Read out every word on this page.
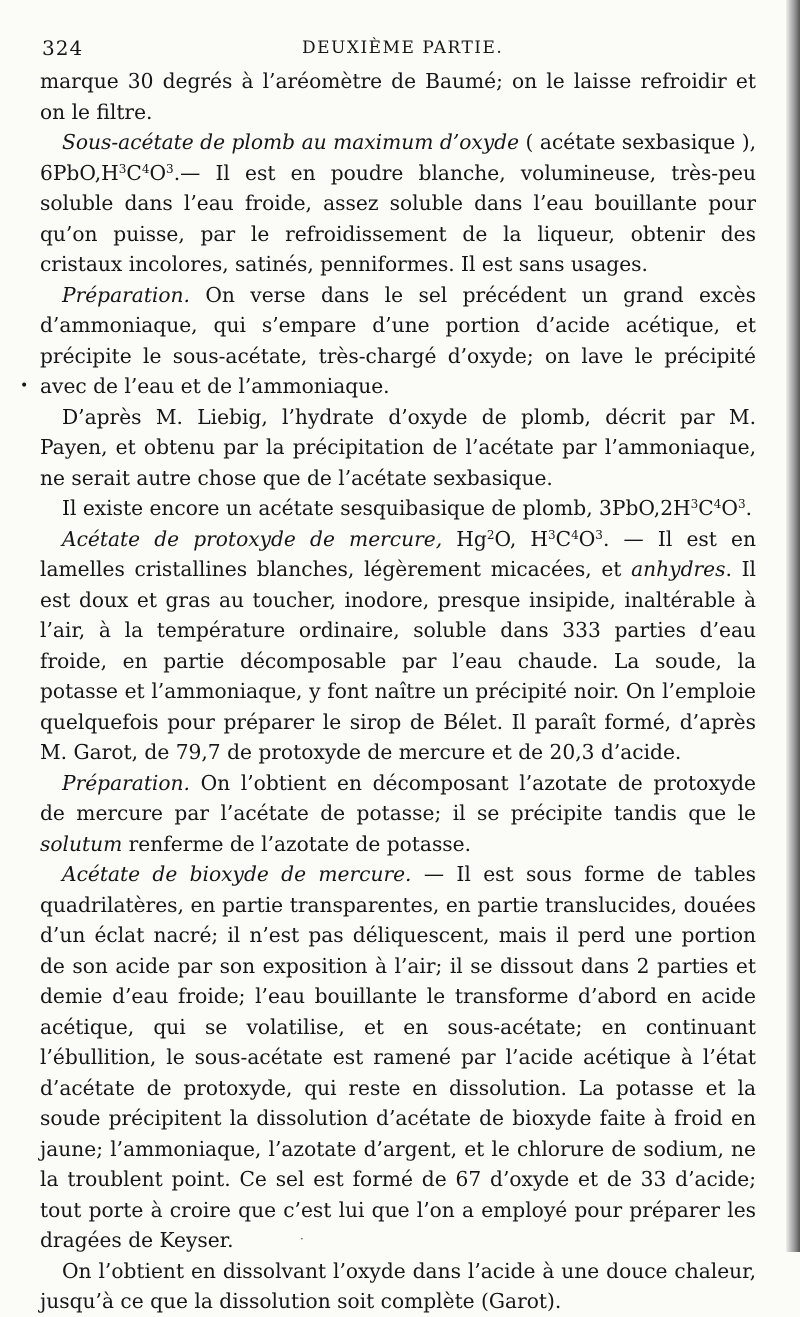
324	DEUXIÈME PARTIE.
•

marque 30 degrés à l’aréomètre de Baumé; on le laisse refroidir et on le filtre.

Sous-acétate de plomb au maximum d’oxyde ( acétate sexbasique ), $6PbO,H^3C^4O^3.—$ Il est en poudre blanche, volumineuse, très-peu soluble dans l’eau froide, assez soluble dans l’eau bouillante pour qu’on puisse, par le refroidissement de la liqueur, obtenir des cristaux incolores, satinés, penniformes. Il est sans usages.

Préparation. On verse dans le sel précédent un grand excès d’ammoniaque, qui s’empare d’une portion d’acide acétique, et précipite le sous-acétate, très-chargé d’oxyde; on lave le précipité avec de l’eau et de l’ammoniaque.

D’après M. Liebig, l’hydrate d’oxyde de plomb, décrit par M. Payen, et obtenu par la précipitation de l’acétate par l’ammoniaque, ne serait autre chose que de l’acétate sexbasique.

Il existe encore un acétate sesquibasique de plomb, $3PbO,2H^3C^4O^3$.

Acétate de protoxyde de mercure, Hg$^2$O, $H^3C^4O^3$. — Il est en lamelles cristallines blanches, légèrement micacées, et anhydres. Il est doux et gras au toucher, inodore, presque insipide, inaltérable à l’air, à la température ordinaire, soluble dans 333 parties d’eau froide, en partie décomposable par l’eau chaude. La soude, la potasse et l’ammoniaque, y font naître un précipité noir. On l’emploie quelquefois pour préparer le sirop de Bélet. Il paraît formé, d’après M. Garot, de 79,7 de protoxyde de mercure et de 20,3 d’acide.

Préparation. On l’obtient en décomposant l’azotate de protoxyde de mercure par l’acétate de potasse; il se précipite tandis que le solutum renferme de l’azotate de potasse.

Acétate de bioxyde de mercure. — Il est sous forme de tables quadrilatères, en partie transparentes, en partie translucides, douées d’un éclat nacré; il n’est pas déliquescent, mais il perd une portion de son acide par son exposition à l’air; il se dissout dans 2 parties et demie d’eau froide; l’eau bouillante le transforme d’abord en acide acétique, qui se volatilise, et en sous-acétate; en continuant l’ébullition, le sous-acétate est ramené par l’acide acétique à l’état d’acétate de protoxyde, qui reste en dissolution. La potasse et la soude précipitent la dissolution d’acétate de bioxyde faite à froid en jaune; l’ammoniaque, l’azotate d’argent, et le chlorure de sodium, ne la troublent point. Ce sel est formé de 67 d’oxyde et de 33 d’acide; tout porte à croire que c’est lui que l’on a employé pour préparer les dragées de Keyser.

On l’obtient en dissolvant l’oxyde dans l’acide à une douce chaleur, jusqu’à ce que la dissolution soit complète (Garot).

·
